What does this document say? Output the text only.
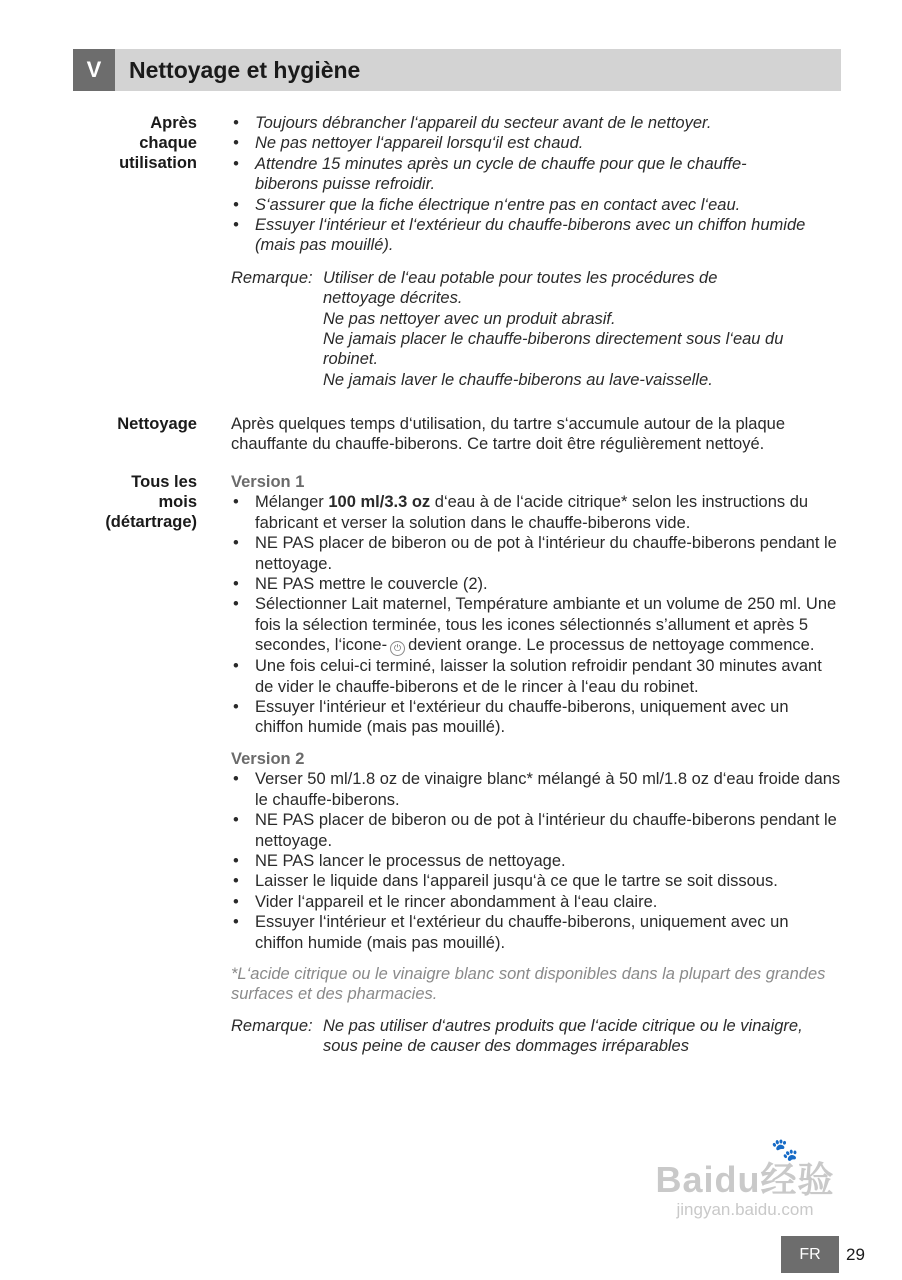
V	Nettoyage et hygiène
Après
chaque
utilisation
• Toujours débrancher l‘appareil du secteur avant de le nettoyer.
• Ne pas nettoyer l‘appareil lorsqu‘il est chaud.
• Attendre 15 minutes après un cycle de chauffe pour que le chauffe-biberons puisse refroidir.
• S‘assurer que la fiche électrique n‘entre pas en contact avec l‘eau.
• Essuyer l‘intérieur et l‘extérieur du chauffe-biberons avec un chiffon humide (mais pas mouillé).
Remarque: Utiliser de l‘eau potable pour toutes les procédures de nettoyage décrites.

Ne pas nettoyer avec un produit abrasif.

Ne jamais placer le chauffe-biberons directement sous l‘eau du robinet.

Ne jamais laver le chauffe-biberons au lave-vaisselle.

Nettoyage Après quelques temps d‘utilisation, du tartre s‘accumule autour de la plaque chauffante du chauffe-biberons. Ce tartre doit être régulièrement nettoyé.
Tous les
mois
(détartrage)
Version 1
• Mélanger 100 ml/3.3 oz d‘eau à de l‘acide citrique* selon les instructions du fabricant et verser la solution dans le chauffe-biberons vide.
• NE PAS placer de biberon ou de pot à l‘intérieur du chauffe-biberons pendant le nettoyage.
• NE PAS mettre le couvercle (2).
• Sélectionner Lait maternel, Température ambiante et un volume de 250 ml. Une fois la sélection terminée, tous les icones sélectionnés s’allument et après 5 secondes, l‘icone- ⏻ devient orange. Le processus de nettoyage commence.
• Une fois celui-ci terminé, laisser la solution refroidir pendant 30 minutes avant de vider le chauffe-biberons et de le rincer à l‘eau du robinet.
• Essuyer l‘intérieur et l‘extérieur du chauffe-biberons, uniquement avec un chiffon humide (mais pas mouillé).
Version 2
• Verser 50 ml/1.8 oz de vinaigre blanc* mélangé à 50 ml/1.8 oz d‘eau froide dans le chauffe-biberons.
• NE PAS placer de biberon ou de pot à l‘intérieur du chauffe-biberons pendant le nettoyage.
• NE PAS lancer le processus de nettoyage.
• Laisser le liquide dans l‘appareil jusqu‘à ce que le tartre se soit dissous.
• Vider l‘appareil et le rincer abondamment à l‘eau claire.
• Essuyer l‘intérieur et l‘extérieur du chauffe-biberons, uniquement avec un chiffon humide (mais pas mouillé).
*L‘acide citrique ou le vinaigre blanc sont disponibles dans la plupart des grandes surfaces et des pharmacies.
Remarque: Ne pas utiliser d‘autres produits que l‘acide citrique ou le vinaigre, sous peine de causer des dommages irréparables
🐾
Baidu经验
jingyan.baidu.com
FR	29
